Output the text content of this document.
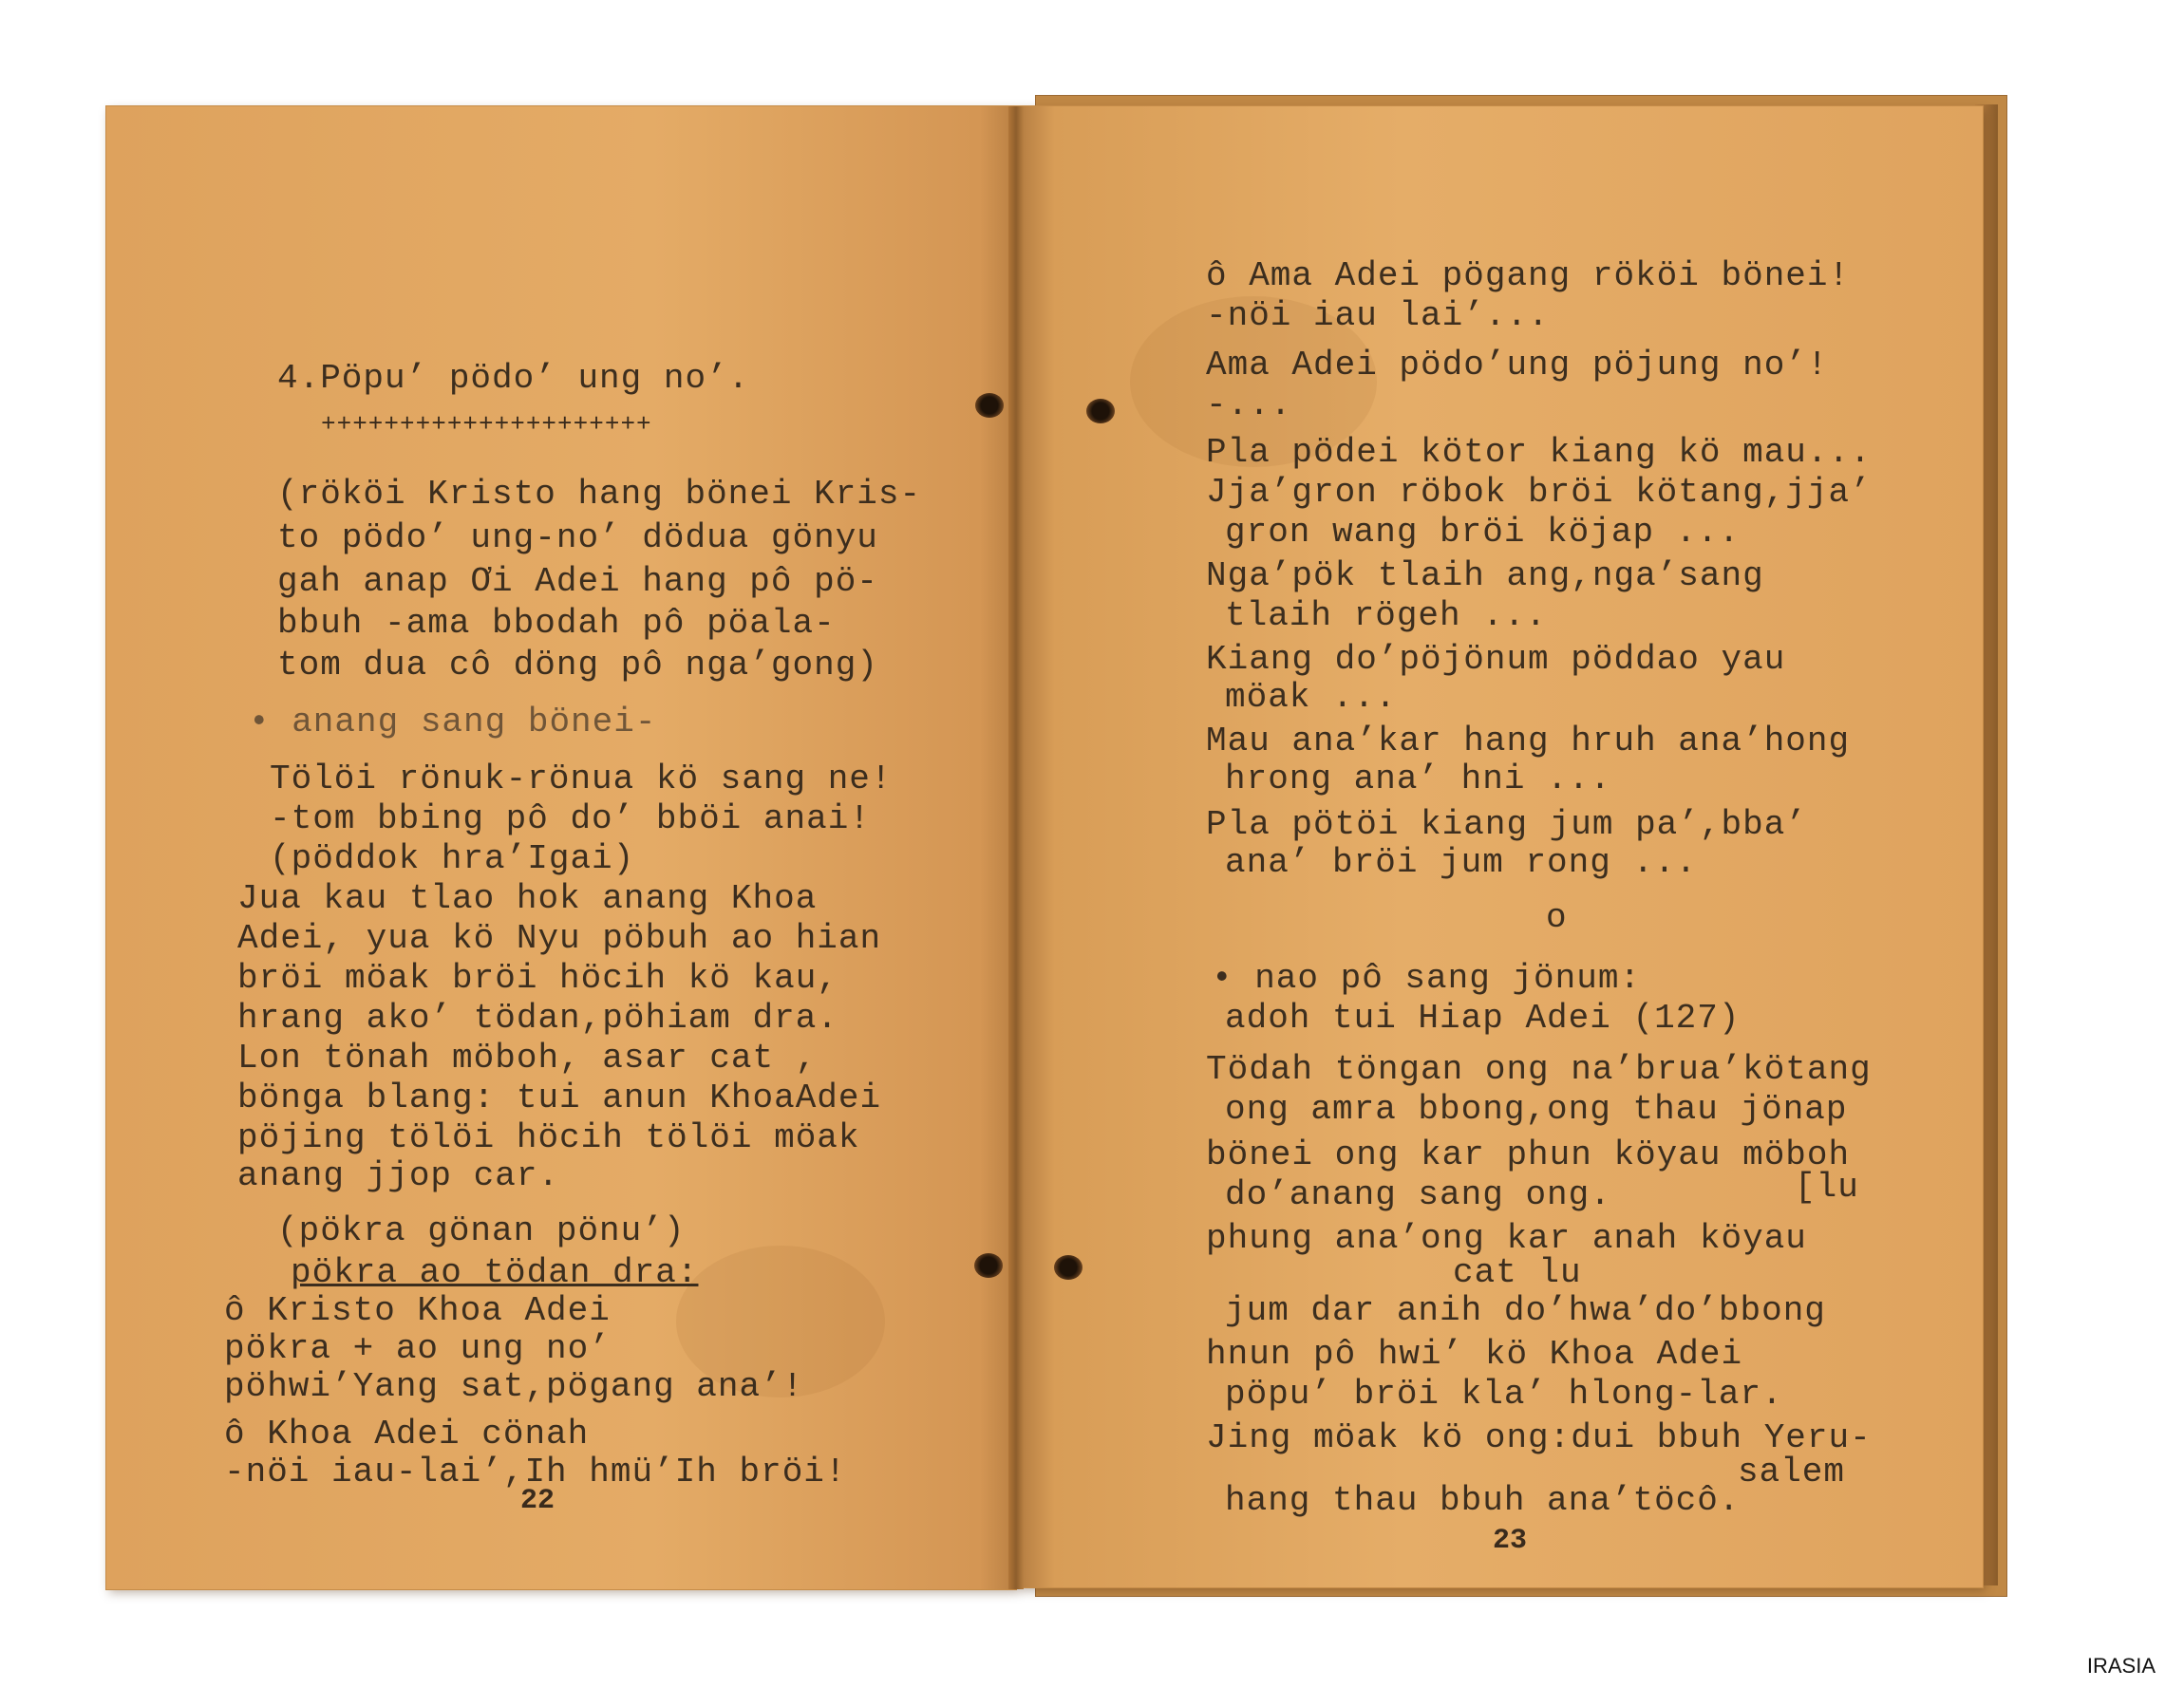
4.Pöpu’ pödo’ ung no’.
+++++++++++++++++++++
(rököi Kristo hang bönei Kris-
to pödo’ ung-no’ dödua gönyu
gah anap Ơi Adei hang pô pö-
bbuh -ama bbodah pô pöala-
tom dua cô döng pô nga’gong)
• anang sang bönei-
Tölöi rönuk-rönua kö sang ne!
-tom bbing pô do’ bböi anai!
(pöddok hra’Igai)
Jua kau tlao hok anang Khoa
Adei, yua kö Nyu pöbuh ao hian
bröi möak bröi höcih kö kau,
hrang ako’ tödan,pöhiam dra.
Lon tönah möboh, asar cat ,
bönga blang: tui anun KhoaAdei
pöjing tölöi höcih tölöi möak
anang jjop car.
(pökra gönan pönu’)
pökra ao tödan dra:
ô Kristo Khoa Adei
pökra + ao ung no’
pöhwi’Yang sat,pögang ana’!
ô Khoa Adei cönah
-nöi iau-lai’,Ih hmü’Ih bröi!
22
ô Ama Adei pögang rököi bönei!
-nöi iau lai’...
Ama Adei pödo’ung pöjung no’!
-...
Pla pödei kötor kiang kö mau...
Jja’gron röbok bröi kötang,jja’
gron wang bröi köjap ...
Nga’pök tlaih ang,nga’sang
tlaih rögeh ...
Kiang do’pöjönum pöddao yau
möak ...
Mau ana’kar hang hruh ana’hong
hrong ana’ hni ...
Pla pötöi kiang jum pa’,bba’
ana’ bröi jum rong ...
o
• nao pô sang jönum:
adoh tui Hiap Adei (127)
Tödah töngan ong na’brua’kötang
ong amra bbong,ong thau jönap
bönei ong kar phun köyau möboh
do’anang sang ong.	[lu
phung ana’ong kar anah köyau
cat lu
jum dar anih do’hwa’do’bbong
hnun pô hwi’ kö Khoa Adei
pöpu’ bröi kla’ hlong-lar.
Jing möak kö ong:dui bbuh Yeru-
salem
hang thau bbuh ana’töcô.
23
IRASIA
